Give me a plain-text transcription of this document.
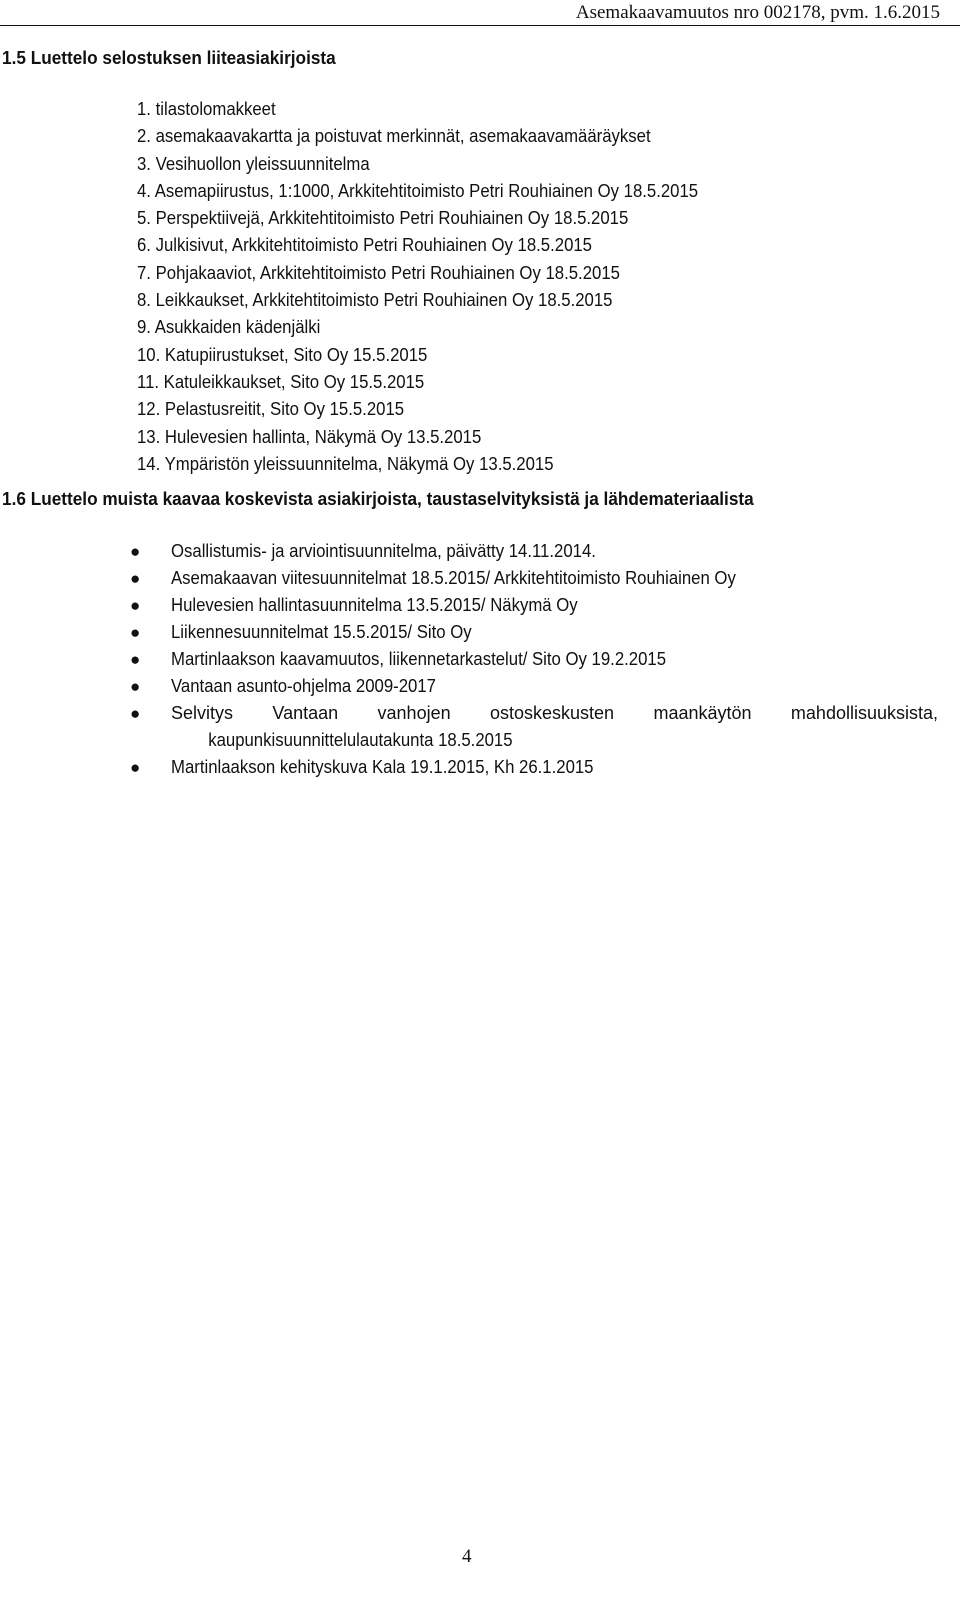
Asemakaavamuutos nro 002178, pvm. 1.6.2015
1.5 Luettelo selostuksen liiteasiakirjoista
1. tilastolomakkeet
2. asemakaavakartta ja poistuvat merkinnät, asemakaavamääräykset
3. Vesihuollon yleissuunnitelma
4. Asemapiirustus, 1:1000, Arkkitehtitoimisto Petri Rouhiainen Oy 18.5.2015
5. Perspektiivejä, Arkkitehtitoimisto Petri Rouhiainen Oy 18.5.2015
6. Julkisivut, Arkkitehtitoimisto Petri Rouhiainen Oy 18.5.2015
7. Pohjakaaviot, Arkkitehtitoimisto Petri Rouhiainen Oy 18.5.2015
8. Leikkaukset, Arkkitehtitoimisto Petri Rouhiainen Oy 18.5.2015
9. Asukkaiden kädenjälki
10. Katupiirustukset, Sito Oy 15.5.2015
11. Katuleikkaukset, Sito Oy 15.5.2015
12. Pelastusreitit, Sito Oy 15.5.2015
13. Hulevesien hallinta, Näkymä Oy 13.5.2015
14. Ympäristön yleissuunnitelma, Näkymä Oy 13.5.2015
1.6 Luettelo muista kaavaa koskevista asiakirjoista, taustaselvityksistä ja lähdemateriaalista
● Osallistumis- ja arviointisuunnitelma, päivätty 14.11.2014.
● Asemakaavan viitesuunnitelmat 18.5.2015/ Arkkitehtitoimisto Rouhiainen Oy
● Hulevesien hallintasuunnitelma 13.5.2015/ Näkymä Oy
● Liikennesuunnitelmat 15.5.2015/ Sito Oy
● Martinlaakson kaavamuutos, liikennetarkastelut/ Sito Oy 19.2.2015
● Vantaan asunto-ohjelma 2009-2017
● Selvitys Vantaan vanhojen ostoskeskusten maankäytön mahdollisuuksista,
kaupunkisuunnittelulautakunta 18.5.2015
● Martinlaakson kehityskuva Kala 19.1.2015, Kh 26.1.2015
4
